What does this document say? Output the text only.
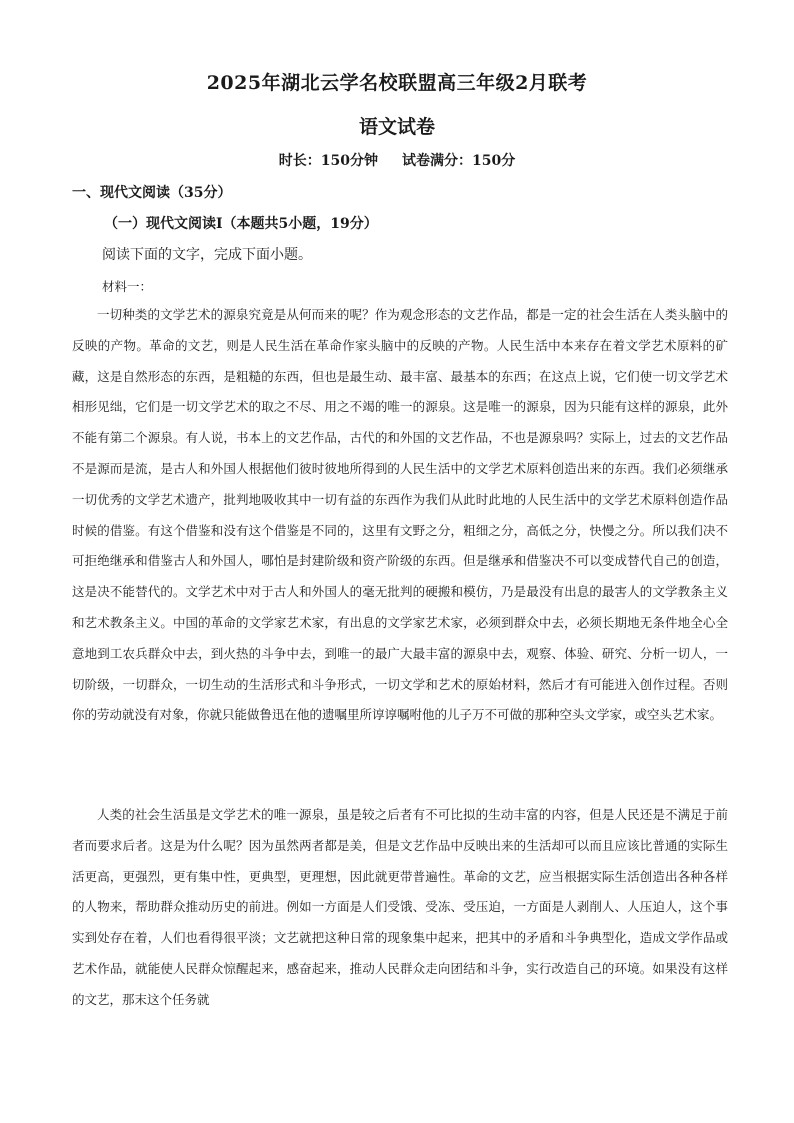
2025年湖北云学名校联盟高三年级2月联考
语文试卷
时长：150分钟 试卷满分：150分
一、现代文阅读（35分）
（一）现代文阅读Ⅰ（本题共5小题，19分）
阅读下面的文字，完成下面小题。
材料一：

一切种类的文学艺术的源泉究竟是从何而来的呢？作为观念形态的文艺作品，都是一定的社会生活在人类头脑中的反映的产物。革命的文艺，则是人民生活在革命作家头脑中的反映的产物。人民生活中本来存在着文学艺术原料的矿藏，这是自然形态的东西，是粗糙的东西，但也是最生动、最丰富、最基本的东西；在这点上说，它们使一切文学艺术相形见绌，它们是一切文学艺术的取之不尽、用之不竭的唯一的源泉。这是唯一的源泉，因为只能有这样的源泉，此外不能有第二个源泉。有人说，书本上的文艺作品，古代的和外国的文艺作品，不也是源泉吗？实际上，过去的文艺作品不是源而是流，是古人和外国人根据他们彼时彼地所得到的人民生活中的文学艺术原料创造出来的东西。我们必须继承一切优秀的文学艺术遗产，批判地吸收其中一切有益的东西作为我们从此时此地的人民生活中的文学艺术原料创造作品时候的借鉴。有这个借鉴和没有这个借鉴是不同的，这里有文野之分，粗细之分，高低之分，快慢之分。所以我们决不可拒绝继承和借鉴古人和外国人，哪怕是封建阶级和资产阶级的东西。但是继承和借鉴决不可以变成替代自己的创造，这是决不能替代的。文学艺术中对于古人和外国人的毫无批判的硬搬和模仿，乃是最没有出息的最害人的文学教条主义和艺术教条主义。中国的革命的文学家艺术家，有出息的文学家艺术家，必须到群众中去，必须长期地无条件地全心全意地到工农兵群众中去，到火热的斗争中去，到唯一的最广大最丰富的源泉中去，观察、体验、研究、分析一切人，一切阶级，一切群众，一切生动的生活形式和斗争形式，一切文学和艺术的原始材料，然后才有可能进入创作过程。否则你的劳动就没有对象，你就只能做鲁迅在他的遗嘱里所谆谆嘱咐他的儿子万不可做的那种空头文学家，或空头艺术家。

人类的社会生活虽是文学艺术的唯一源泉，虽是较之后者有不可比拟的生动丰富的内容，但是人民还是不满足于前者而要求后者。这是为什么呢？因为虽然两者都是美，但是文艺作品中反映出来的生活却可以而且应该比普通的实际生活更高，更强烈，更有集中性，更典型，更理想，因此就更带普遍性。革命的文艺，应当根据实际生活创造出各种各样的人物来，帮助群众推动历史的前进。例如一方面是人们受饿、受冻、受压迫，一方面是人剥削人、人压迫人，这个事实到处存在着，人们也看得很平淡；文艺就把这种日常的现象集中起来，把其中的矛盾和斗争典型化，造成文学作品或艺术作品，就能使人民群众惊醒起来，感奋起来，推动人民群众走向团结和斗争，实行改造自己的环境。如果没有这样的文艺，那末这个任务就
